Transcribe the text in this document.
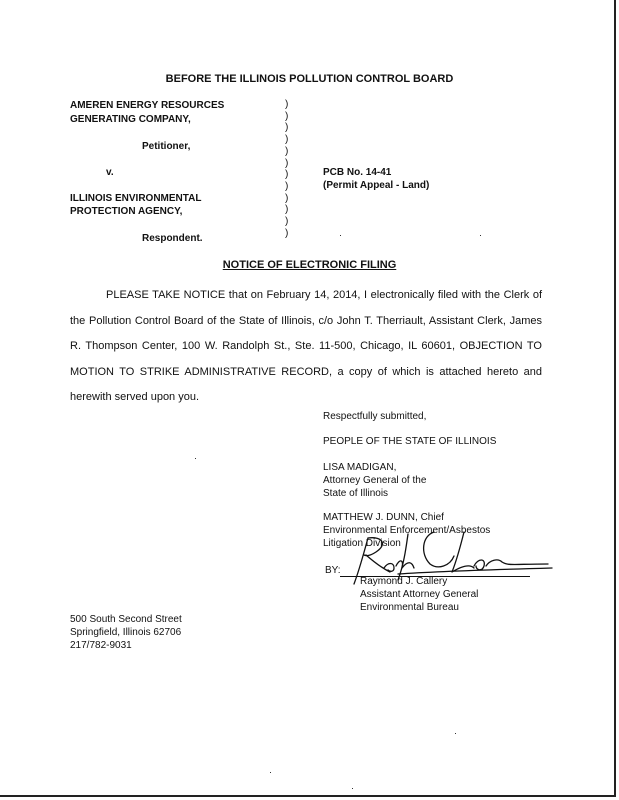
BEFORE THE ILLINOIS POLLUTION CONTROL BOARD
AMEREN ENERGY RESOURCES
GENERATING COMPANY,
Petitioner,
v.
ILLINOIS ENVIRONMENTAL
PROTECTION AGENCY,
Respondent.
)
)
)
)
)
)
)
)
)
)
)
)
PCB No. 14-41
(Permit Appeal - Land)
NOTICE OF ELECTRONIC FILING
PLEASE TAKE NOTICE that on February 14, 2014, I electronically filed with the Clerk of the Pollution Control Board of the State of Illinois, c/o John T. Therriault, Assistant Clerk, James R. Thompson Center, 100 W. Randolph St., Ste. 11-500, Chicago, IL 60601, OBJECTION TO MOTION TO STRIKE ADMINISTRATIVE RECORD, a copy of which is attached hereto and herewith served upon you.
Respectfully submitted,
PEOPLE OF THE STATE OF ILLINOIS
LISA MADIGAN,
Attorney General of the
State of Illinois
MATTHEW J. DUNN, Chief
Environmental Enforcement/Asbestos
Litigation Division
BY:
Raymond J. Callery
Assistant Attorney General
Environmental Bureau
500 South Second Street
Springfield, Illinois 62706
217/782-9031
